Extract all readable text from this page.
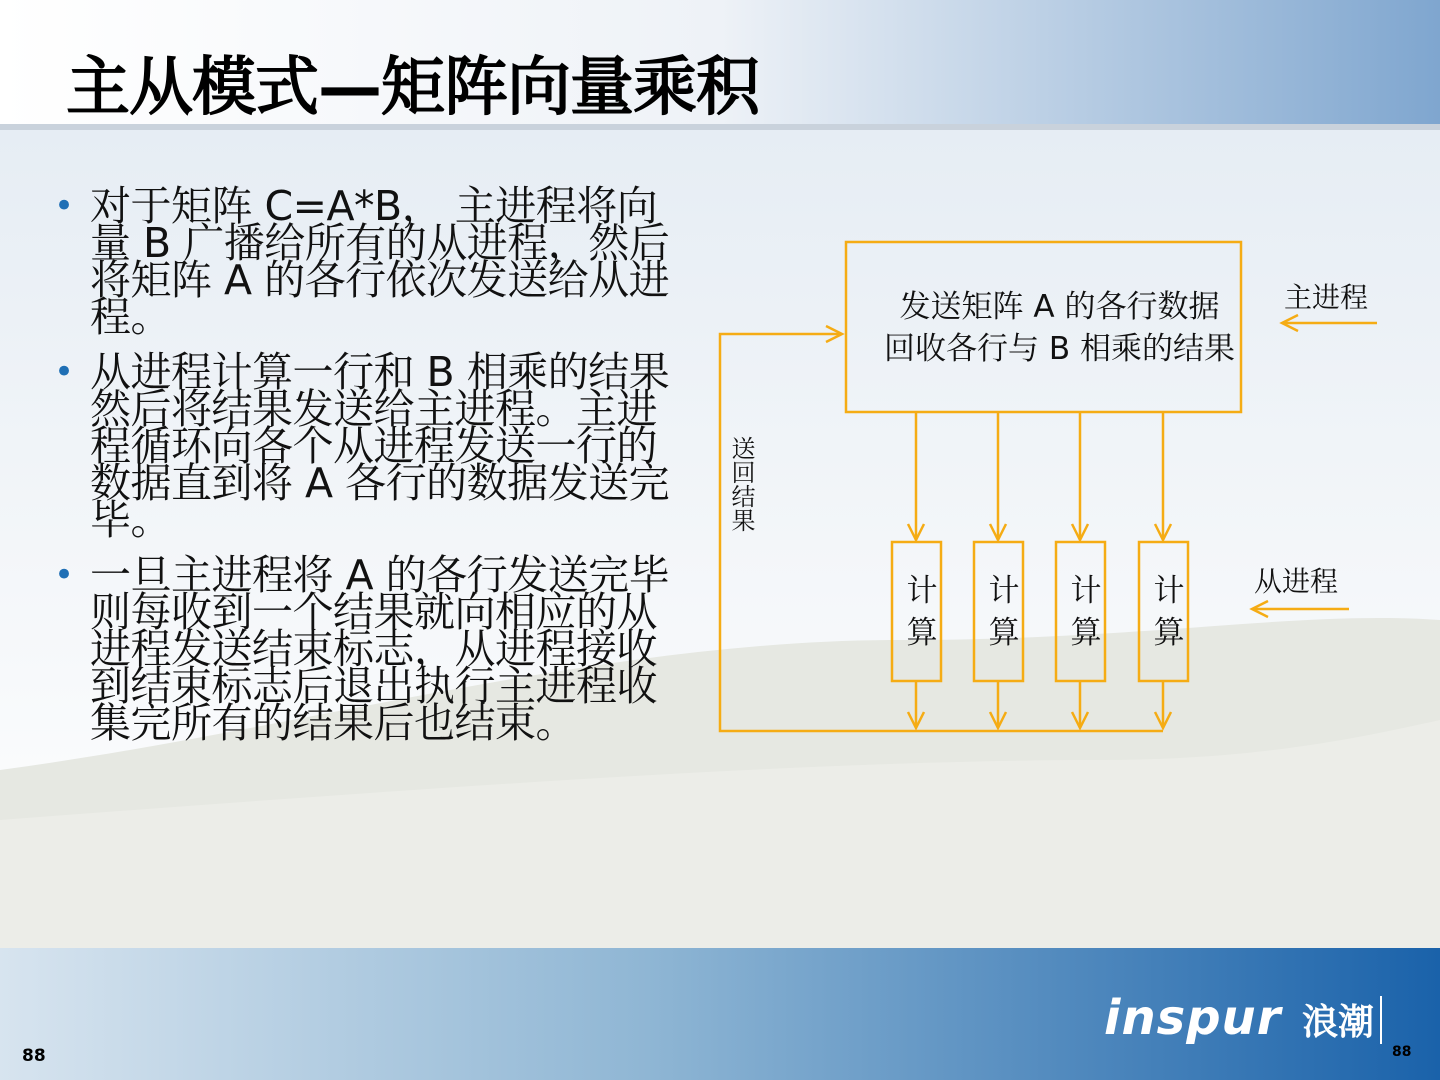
主从模式—矩阵向量乘积
• 对于矩阵 C=A*B， 主进程将向量 B 广播给所有的从进程，然后将矩阵 A 的各行依次发送给从进程。
• 从进程计算一行和 B 相乘的结果然后将结果发送给主进程。主进程循环向各个从进程发送一行的数据直到将 A 各行的数据发送完毕。
• 一旦主进程将 A 的各行发送完毕则每收到一个结果就向相应的从进程发送结束标志，从进程接收到结束标志后退出执行主进程收集完所有的结果后也结束。
发送矩阵 A 的各行数据
回收各行与 B 相乘的结果
计算
计算
计算
计算
主进程
从进程
送回结果
inspur 浪潮
88	88
